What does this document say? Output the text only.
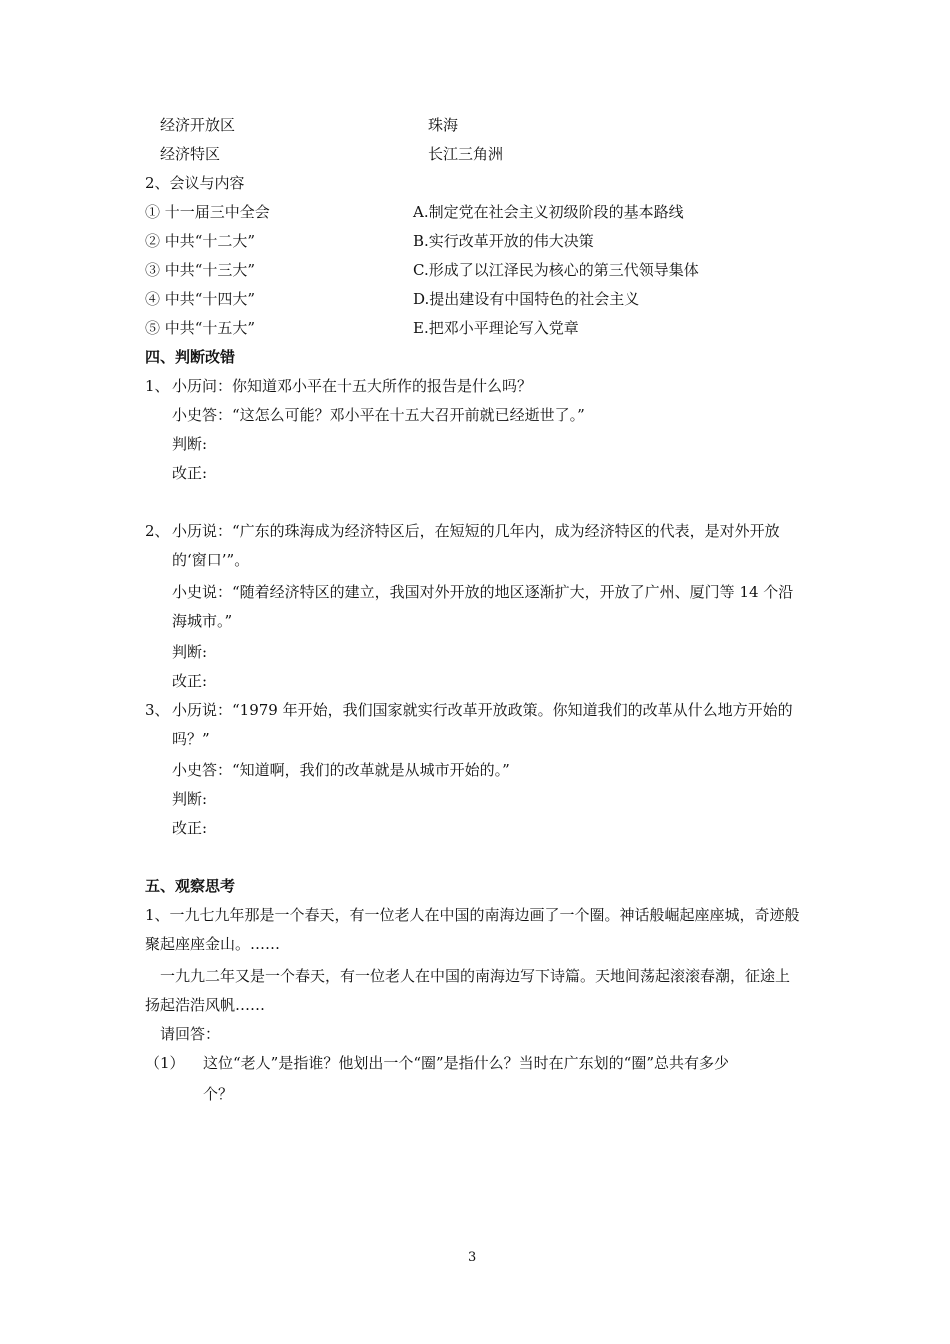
经济开放区	珠海
经济特区	长江三角洲
2、会议与内容
① 十一届三中全会	A.制定党在社会主义初级阶段的基本路线
② 中共“十二大”	B.实行改革开放的伟大决策
③ 中共“十三大”	C.形成了以江泽民为核心的第三代领导集体
④ 中共“十四大”	D.提出建设有中国特色的社会主义
⑤ 中共“十五大”	E.把邓小平理论写入党章
四、判断改错
1、 小历问：你知道邓小平在十五大所作的报告是什么吗？
小史答：“这怎么可能？邓小平在十五大召开前就已经逝世了。”
判断:
改正:
2、 小历说：“广东的珠海成为经济特区后，在短短的几年内，成为经济特区的代表，是对外开放
的‘窗口’”。
小史说：“随着经济特区的建立，我国对外开放的地区逐渐扩大，开放了广州、厦门等 14 个沿
海城市。”
判断:
改正:
3、 小历说：“1979 年开始，我们国家就实行改革开放政策。你知道我们的改革从什么地方开始的
吗？”
小史答：“知道啊，我们的改革就是从城市开始的。”
判断:
改正:
五、观察思考
1、一九七九年那是一个春天，有一位老人在中国的南海边画了一个圈。神话般崛起座座城，奇迹般
聚起座座金山。……
一九九二年又是一个春天，有一位老人在中国的南海边写下诗篇。天地间荡起滚滚春潮，征途上
扬起浩浩风帆……
请回答：
（1） 这位“老人”是指谁？他划出一个“圈”是指什么？当时在广东划的“圈”总共有多少
个？
3
